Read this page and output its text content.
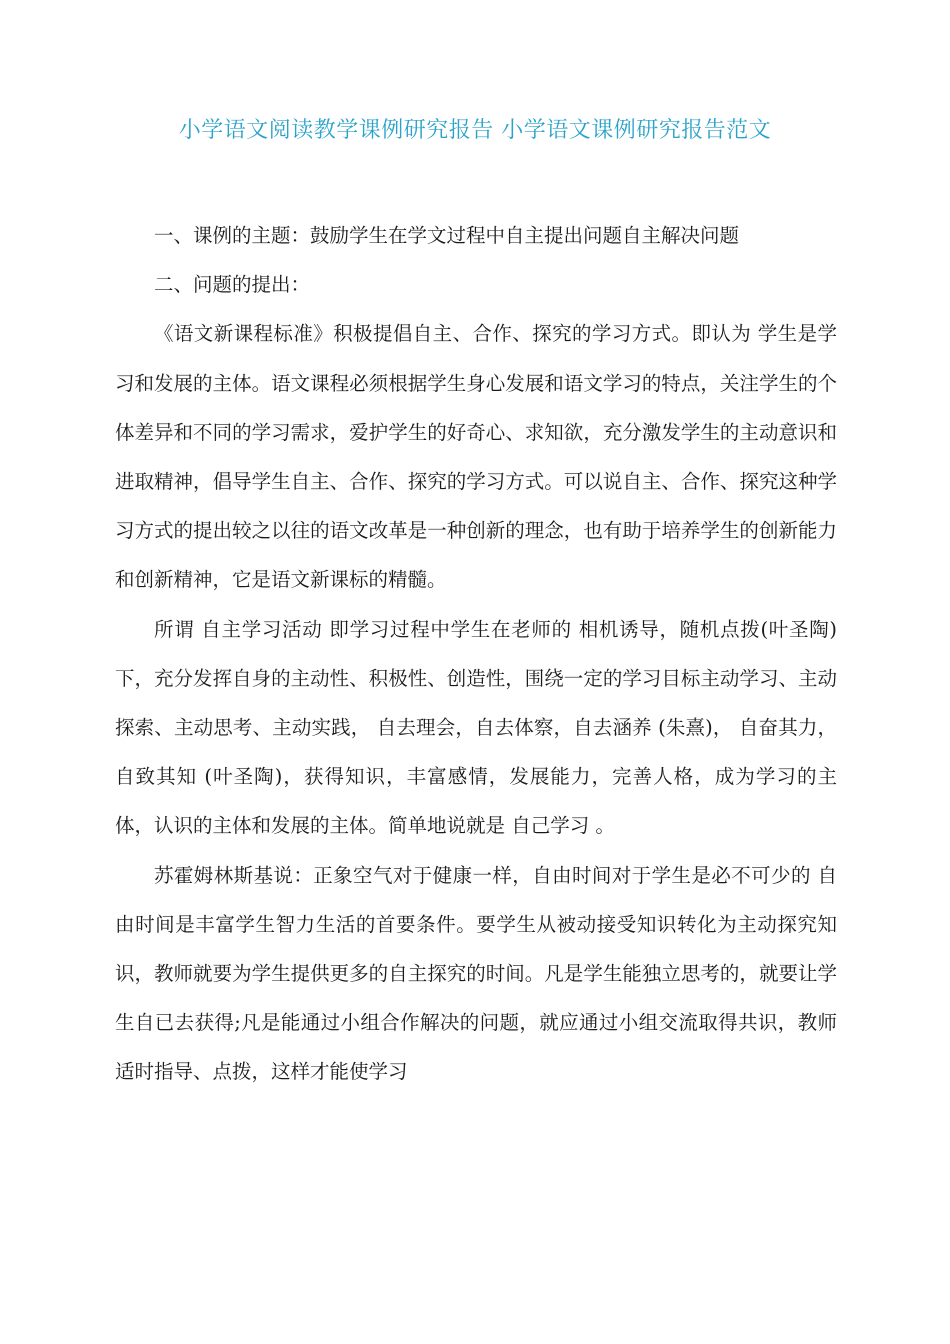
小学语文阅读教学课例研究报告 小学语文课例研究报告范文

一、课例的主题：鼓励学生在学文过程中自主提出问题自主解决问题

二、问题的提出：

《语文新课程标准》积极提倡自主、合作、探究的学习方式。即认为 学生是学习和发展的主体。语文课程必须根据学生身心发展和语文学习的特点，关注学生的个体差异和不同的学习需求，爱护学生的好奇心、求知欲，充分激发学生的主动意识和进取精神，倡导学生自主、合作、探究的学习方式。可以说自主、合作、探究这种学习方式的提出较之以往的语文改革是一种创新的理念，也有助于培养学生的创新能力和创新精神，它是语文新课标的精髓。

所谓 自主学习活动 即学习过程中学生在老师的 相机诱导，随机点拨(叶圣陶)下，充分发挥自身的主动性、积极性、创造性，围绕一定的学习目标主动学习、主动探索、主动思考、主动实践， 自去理会，自去体察，自去涵养 (朱熹)， 自奋其力，自致其知 (叶圣陶)，获得知识，丰富感情，发展能力，完善人格，成为学习的主体，认识的主体和发展的主体。简单地说就是 自己学习 。

苏霍姆林斯基说：正象空气对于健康一样，自由时间对于学生是必不可少的 自由时间是丰富学生智力生活的首要条件。要学生从被动接受知识转化为主动探究知识，教师就要为学生提供更多的自主探究的时间。凡是学生能独立思考的，就要让学生自已去获得;凡是能通过小组合作解决的问题，就应通过小组交流取得共识，教师适时指导、点拨，这样才能使学习
